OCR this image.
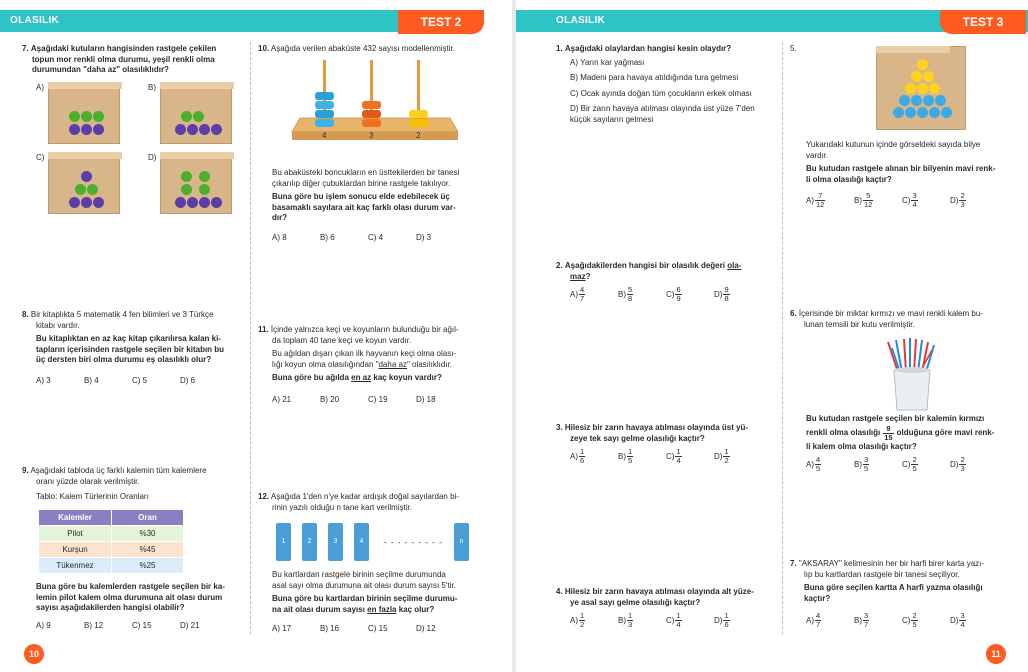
OLASILIK	TEST 2
7. Aşağıdaki kutuların hangisinden rastgele çekilen
topun mor renkli olma durumu, yeşil renkli olma
durumundan "daha az" olasılıklıdır?
A)	B)
C)	D)
8. Bir kitaplıkta 5 matematik 4 fen bilimleri ve 3 Türkçe
kitabı vardır.
Bu kitaplıktan en az kaç kitap çıkarılırsa kalan ki-
tapların içerisinden rastgele seçilen bir kitabın bu
üç dersten biri olma durumu eş olasılıklı olur?
A) 3	B) 4	C) 5	D) 6
9. Aşağıdaki tabloda üç farklı kalemin tüm kalemlere
oranı yüzde olarak verilmiştir.
Tablo: Kalem Türlerinin Oranları
Kalemler	Oran
Pilot	%30
Kurşun	%45
Tükenmez	%25
Buna göre bu kalemlerden rastgele seçilen bir ka-
lemin pilot kalem olma durumuna ait olası durum
sayısı aşağıdakilerden hangisi olabilir?
A) 9	B) 12	C) 15	D) 21
10. Aşağıda verilen abaküste 432 sayısı modellenmiştir.
4	3	2
Bu abaküsteki boncukların en üsttekilerden bir tanesi
çıkarılıp diğer çubuklardan birine rastgele takılıyor.
Buna göre bu işlem sonucu elde edebilecek üç
basamaklı sayılara ait kaç farklı olası durum var-
dır?
A) 8	B) 6	C) 4	D) 3
11. İçinde yalnızca keçi ve koyunların bulunduğu bir ağıl-
da toplam 40 tane keçi ve koyun vardır.
Bu ağıldan dışarı çıkan ilk hayvanın keçi olma olası-
lığı koyun olma olasılığından "daha az" olasılıklıdır.
Buna göre bu ağılda en az kaç koyun vardır?
A) 21	B) 20	C) 19	D) 18
12. Aşağıda 1'den n'ye kadar ardışık doğal sayılardan bi-
rinin yazılı olduğu n tane kart verilmiştir.
1	2	3	4	- - - - - - - - -	n
Bu kartlardan rastgele birinin seçilme durumunda
asal sayı olma durumuna ait olası durum sayısı 5'tir.
Buna göre bu kartlardan birinin seçilme durumu-
na ait olası durum sayısı en fazla kaç olur?
A) 17	B) 16	C) 15	D) 12
10
OLASILIK	TEST 3
1. Aşağıdaki olaylardan hangisi kesin olaydır?
A) Yarın kar yağması
B) Madeni para havaya atıldığında tura gelmesi
C) Ocak ayında doğan tüm çocukların erkek olması
D) Bir zarın havaya atılması olayında üst yüze 7'den
küçük sayıların gelmesi
2. Aşağıdakilerden hangisi bir olasılık değeri ola-
maz?
$A) \frac{4}{7}$	$B) \frac{5}{8}$	$C) \frac{6}{9}$	$D) \frac{9}{8}$
3. Hilesiz bir zarın havaya atılması olayında üst yü-
zeye tek sayı gelme olasılığı kaçtır?
$A) \frac{1}{6}$	$B) \frac{1}{5}$	$C) \frac{1}{4}$	$D) \frac{1}{2}$
4. Hilesiz bir zarın havaya atılması olayında alt yüze-
ye asal sayı gelme olasılığı kaçtır?
$A) \frac{1}{2}$	$B) \frac{1}{3}$	$C) \frac{1}{4}$	$D) \frac{1}{6}$
5.
Yukarıdaki kutunun içinde görseldeki sayıda bilye
vardır.
Bu kutudan rastgele alınan bir bilyenin mavi renk-
li olma olasılığı kaçtır?
$A) \frac{7}{12}$	$B) \frac{5}{12}$	$C) \frac{3}{4}$	$D) \frac{2}{3}$
6. İçerisinde bir miktar kırmızı ve mavi renkli kalem bu-
lunan temsili bir kutu verilmiştir.
Bu kutudan rastgele seçilen bir kalemin kırmızı
renkli olma olasılığı $\frac{9}{15}$ olduğuna göre mavi renk-
li kalem olma olasılığı kaçtır?
$A) \frac{4}{5}$	$B) \frac{3}{5}$	$C) \frac{2}{5}$	$D) \frac{2}{3}$
7. "AKSARAY" kelimesinin her bir harfi birer karta yazı-
lıp bu kartlardan rastgele bir tanesi seçiliyor.
Buna göre seçilen kartta A harfi yazma olasılığı
kaçtır?
$A) \frac{4}{7}$	$B) \frac{3}{7}$	$C) \frac{2}{5}$	$D) \frac{3}{4}$
11
